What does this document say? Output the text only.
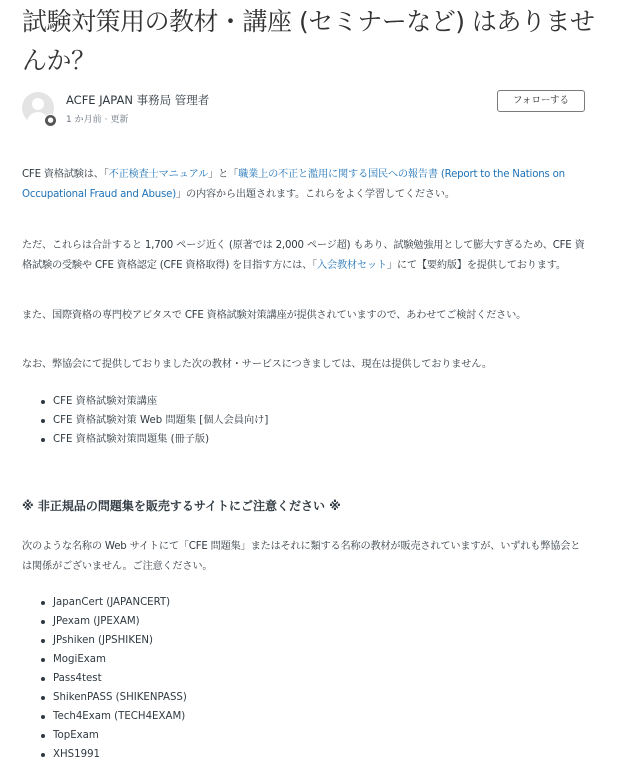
試験対策用の教材・講座 (セミナーなど) はありませんか？
●
ACFE JAPAN 事務局 管理者
1 か月前 · 更新
フォローする

CFE 資格試験は、「不正検査士マニュアル」と「職業上の不正と濫用に関する国民への報告書 (Report to the Nations on Occupational Fraud and Abuse)」の内容から出題されます。これらをよく学習してください。

ただ、これらは合計すると 1,700 ページ近く (原著では 2,000 ページ超) もあり、試験勉強用として膨大すぎるため、CFE 資格試験の受験や CFE 資格認定 (CFE 資格取得) を目指す方には、「入会教材セット」にて【要約版】を提供しております。

また、国際資格の専門校アビタスで CFE 資格試験対策講座が提供されていますので、あわせてご検討ください。

なお、弊協会にて提供しておりました次の教材・サービスにつきましては、現在は提供しておりません。

CFE 資格試験対策講座
CFE 資格試験対策 Web 問題集 [個人会員向け]
CFE 資格試験対策問題集 (冊子版)

※ 非正規品の問題集を販売するサイトにご注意ください ※

次のような名称の Web サイトにて「CFE 問題集」またはそれに類する名称の教材が販売されていますが、いずれも弊協会とは関係がございません。ご注意ください。

JapanCert (JAPANCERT)
JPexam (JPEXAM)
JPshiken (JPSHIKEN)
MogiExam
Pass4test
ShikenPASS (SHIKENPASS)
Tech4Exam (TECH4EXAM)
TopExam
XHS1991
